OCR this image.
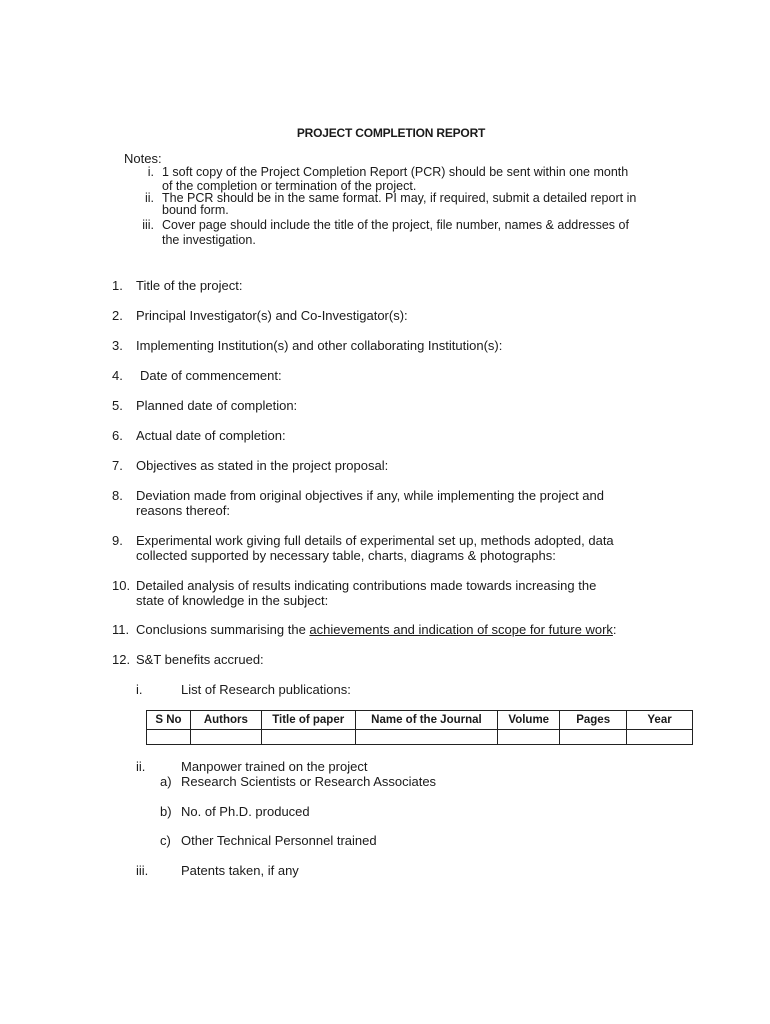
PROJECT COMPLETION REPORT
Notes:
i. 1 soft copy of the Project Completion Report (PCR) should be sent within one month
of the completion or termination of the project.
ii. The PCR should be in the same format. PI may, if required, submit a detailed report in
bound form.
iii. Cover page should include the title of the project, file number, names & addresses of
the investigation.
1. Title of the project:
2. Principal Investigator(s) and Co-Investigator(s):
3. Implementing Institution(s) and other collaborating Institution(s):
4. Date of commencement:
5. Planned date of completion:
6. Actual date of completion:
7. Objectives as stated in the project proposal:
8. Deviation made from original objectives if any, while implementing the project and
reasons thereof:
9. Experimental work giving full details of experimental set up, methods adopted, data
collected supported by necessary table, charts, diagrams & photographs:
10. Detailed analysis of results indicating contributions made towards increasing the
state of knowledge in the subject:
11. Conclusions summarising the achievements and indication of scope for future work:
12. S&T benefits accrued:
i.	List of Research publications:
S No	Authors	Title of paper	Name of the Journal	Volume	Pages	Year

ii.	Manpower trained on the project
a) Research Scientists or Research Associates
b) No. of Ph.D. produced
c) Other Technical Personnel trained
iii.	Patents taken, if any
